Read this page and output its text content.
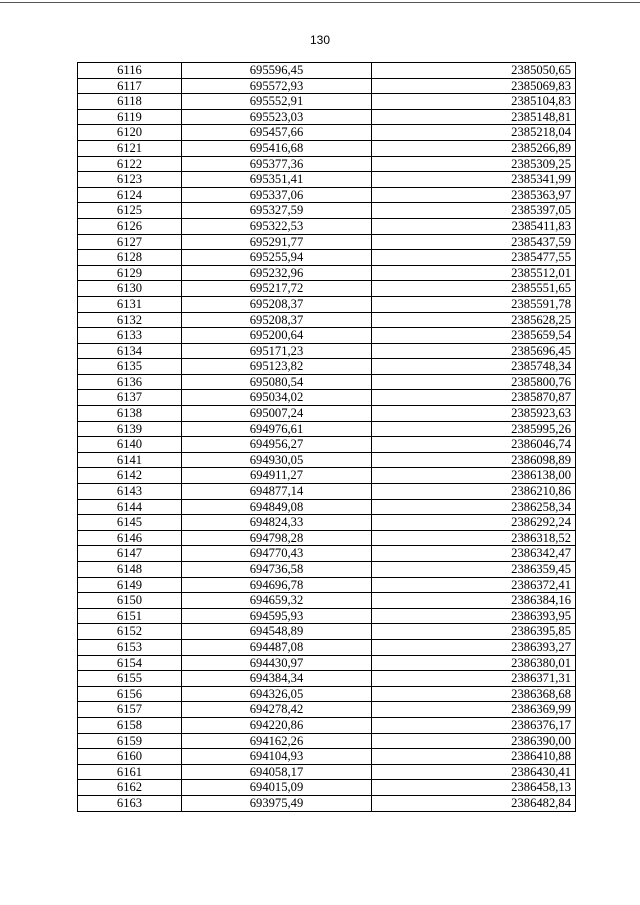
130
6116	695596,45	2385050,65
6117	695572,93	2385069,83
6118	695552,91	2385104,83
6119	695523,03	2385148,81
6120	695457,66	2385218,04
6121	695416,68	2385266,89
6122	695377,36	2385309,25
6123	695351,41	2385341,99
6124	695337,06	2385363,97
6125	695327,59	2385397,05
6126	695322,53	2385411,83
6127	695291,77	2385437,59
6128	695255,94	2385477,55
6129	695232,96	2385512,01
6130	695217,72	2385551,65
6131	695208,37	2385591,78
6132	695208,37	2385628,25
6133	695200,64	2385659,54
6134	695171,23	2385696,45
6135	695123,82	2385748,34
6136	695080,54	2385800,76
6137	695034,02	2385870,87
6138	695007,24	2385923,63
6139	694976,61	2385995,26
6140	694956,27	2386046,74
6141	694930,05	2386098,89
6142	694911,27	2386138,00
6143	694877,14	2386210,86
6144	694849,08	2386258,34
6145	694824,33	2386292,24
6146	694798,28	2386318,52
6147	694770,43	2386342,47
6148	694736,58	2386359,45
6149	694696,78	2386372,41
6150	694659,32	2386384,16
6151	694595,93	2386393,95
6152	694548,89	2386395,85
6153	694487,08	2386393,27
6154	694430,97	2386380,01
6155	694384,34	2386371,31
6156	694326,05	2386368,68
6157	694278,42	2386369,99
6158	694220,86	2386376,17
6159	694162,26	2386390,00
6160	694104,93	2386410,88
6161	694058,17	2386430,41
6162	694015,09	2386458,13
6163	693975,49	2386482,84
